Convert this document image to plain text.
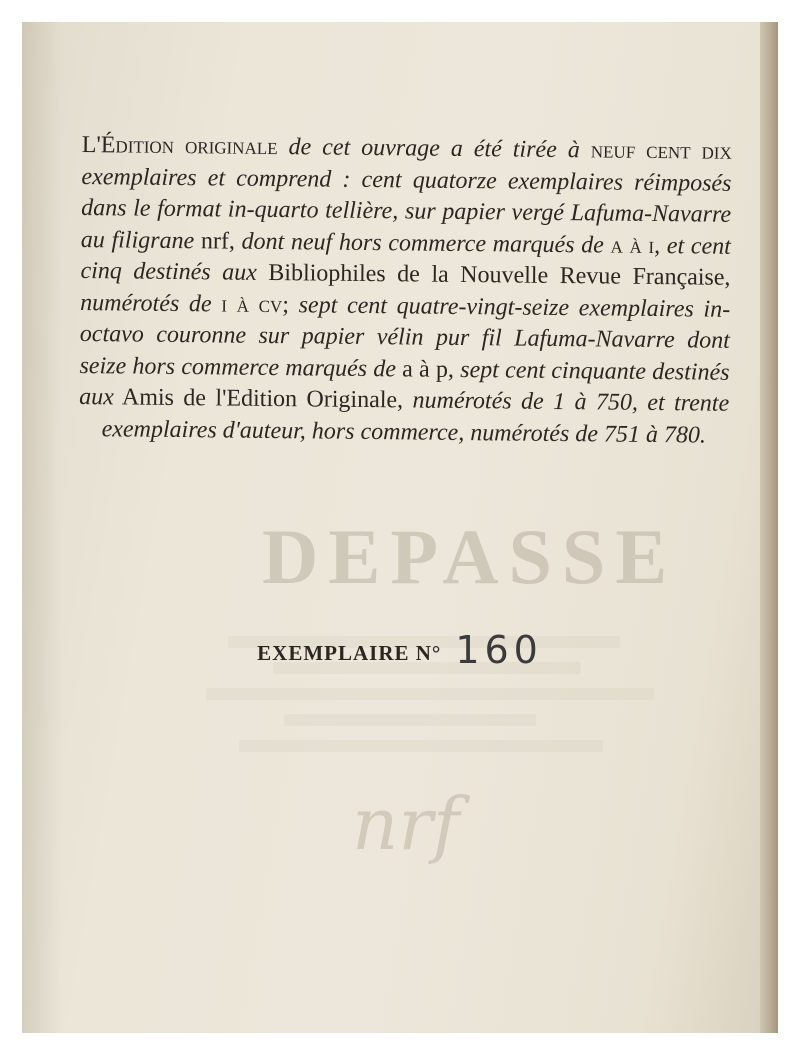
DEPASSE
nrf
L'Édition originale de cet ouvrage a été tirée à neuf cent dix exemplaires et comprend : cent quatorze exemplaires réimposés dans le format in-quarto tellière, sur papier vergé Lafuma-Navarre au filigrane nrf, dont neuf hors commerce marqués de a à i, et cent cinq destinés aux Bibliophiles de la Nouvelle Revue Française, numérotés de i à cv; sept cent quatre-vingt-seize exemplaires in-octavo couronne sur papier vélin pur fil Lafuma-Navarre dont seize hors commerce marqués de a à p, sept cent cinquante destinés aux Amis de l'Edition Originale, numérotés de 1 à 750, et trente exemplaires d'auteur, hors commerce, numérotés de 751 à 780.
EXEMPLAIRE N° 160
